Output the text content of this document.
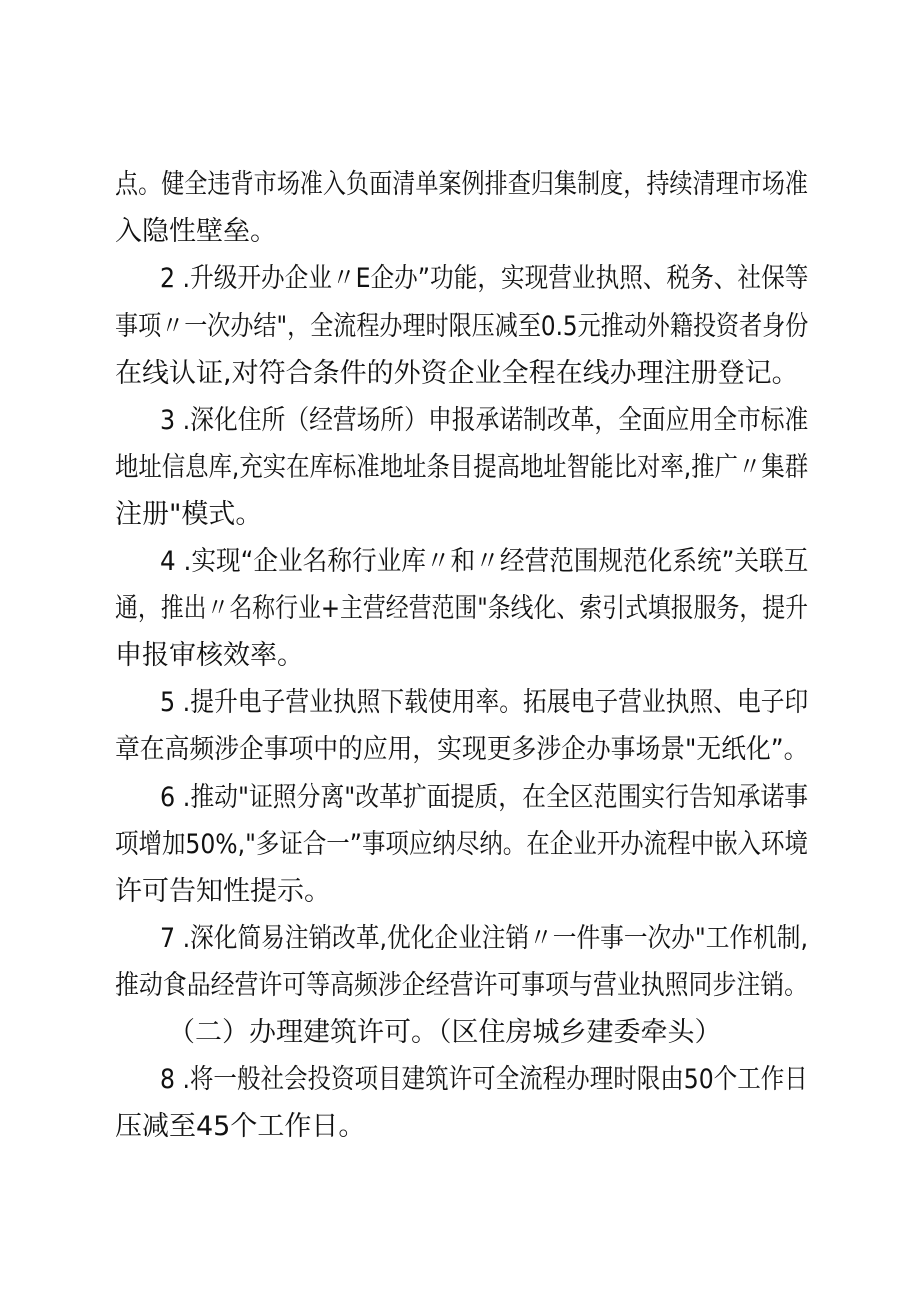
点。健全违背市场准入负面清单案例排查归集制度，持续清理市场准
入隐性壁垒。
2 .升级开办企业〃E企办”功能，实现营业执照、税务、社保等
事项〃一次办结"，全流程办理时限压减至0.5元推动外籍投资者身份
在线认证,对符合条件的外资企业全程在线办理注册登记。
3 .深化住所（经营场所）申报承诺制改革，全面应用全市标准
地址信息库,充实在库标准地址条目提高地址智能比对率,推广〃集群
注册"模式。
4 .实现“企业名称行业库〃和〃经营范围规范化系统”关联互
通，推出〃名称行业+主营经营范围"条线化、索引式填报服务，提升
申报审核效率。
5 .提升电子营业执照下载使用率。拓展电子营业执照、电子印
章在高频涉企事项中的应用，实现更多涉企办事场景"无纸化”。
6 .推动"证照分离"改革扩面提质，在全区范围实行告知承诺事
项增加50%,"多证合一”事项应纳尽纳。在企业开办流程中嵌入环境
许可告知性提示。
7 .深化简易注销改革,优化企业注销〃一件事一次办"工作机制,
推动食品经营许可等高频涉企经营许可事项与营业执照同步注销。
（二）办理建筑许可。（区住房城乡建委牵头）
8 .将一般社会投资项目建筑许可全流程办理时限由50个工作日
压减至45个工作日。
